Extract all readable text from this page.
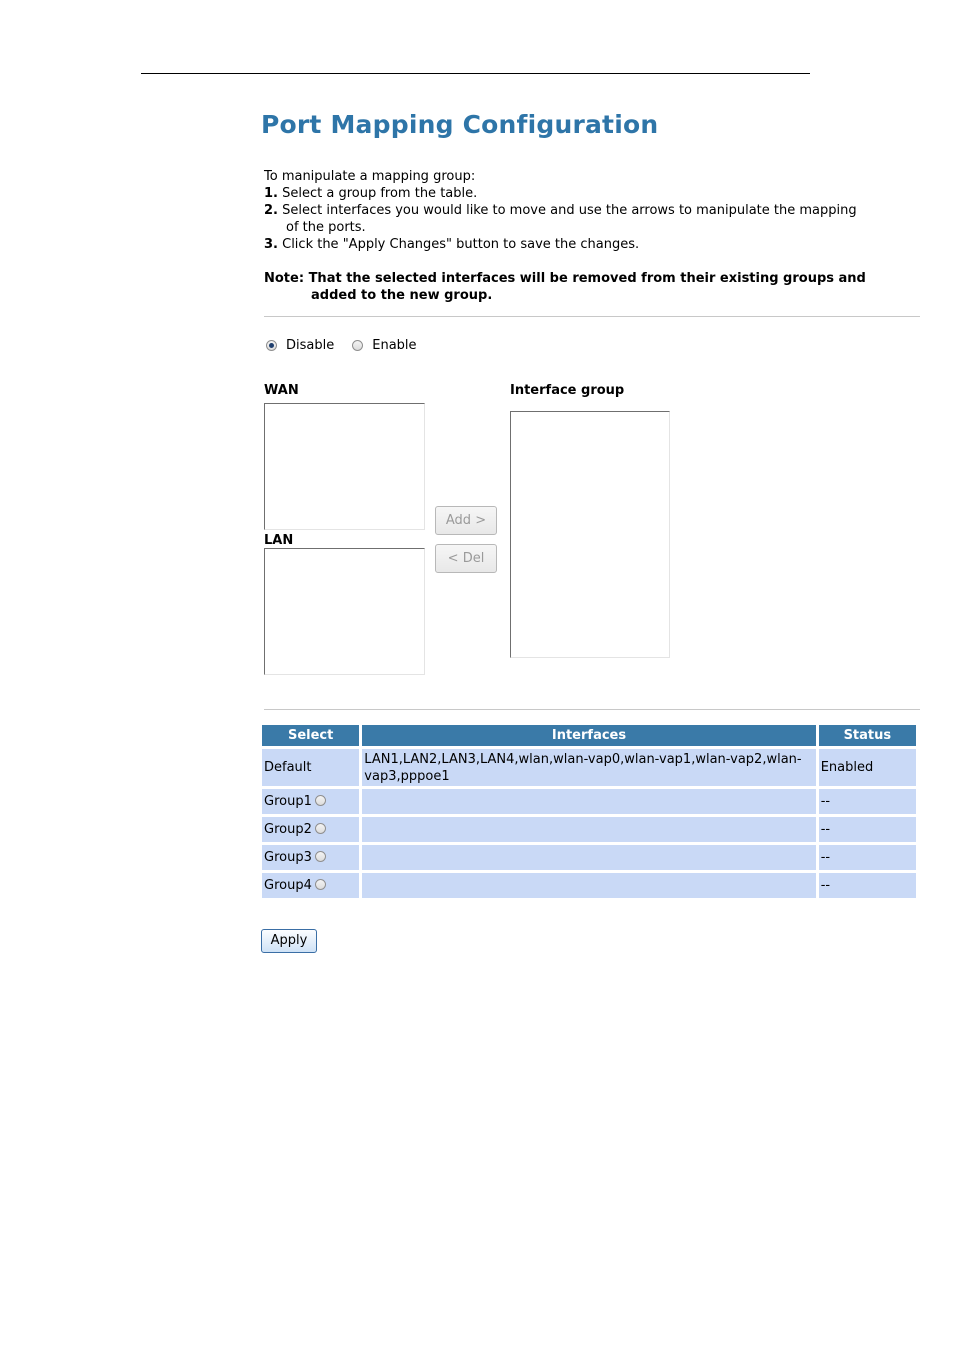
Port Mapping Configuration
To manipulate a mapping group:
1. Select a group from the table.
2. Select interfaces you would like to move and use the arrows to manipulate the mapping
of the ports.
3. Click the "Apply Changes" button to save the changes.
Note: That the selected interfaces will be removed from their existing groups and
added to the new group.
Disable	Enable
WAN
LAN
Interface group
Add >
< Del
Select	Interfaces	Status
Default	LAN1,LAN2,LAN3,LAN4,wlan,wlan-vap0,wlan-vap1,wlan-vap2,wlan-vap3,pppoe1	Enabled
Group1		--
Group2		--
Group3		--
Group4		--
Apply
